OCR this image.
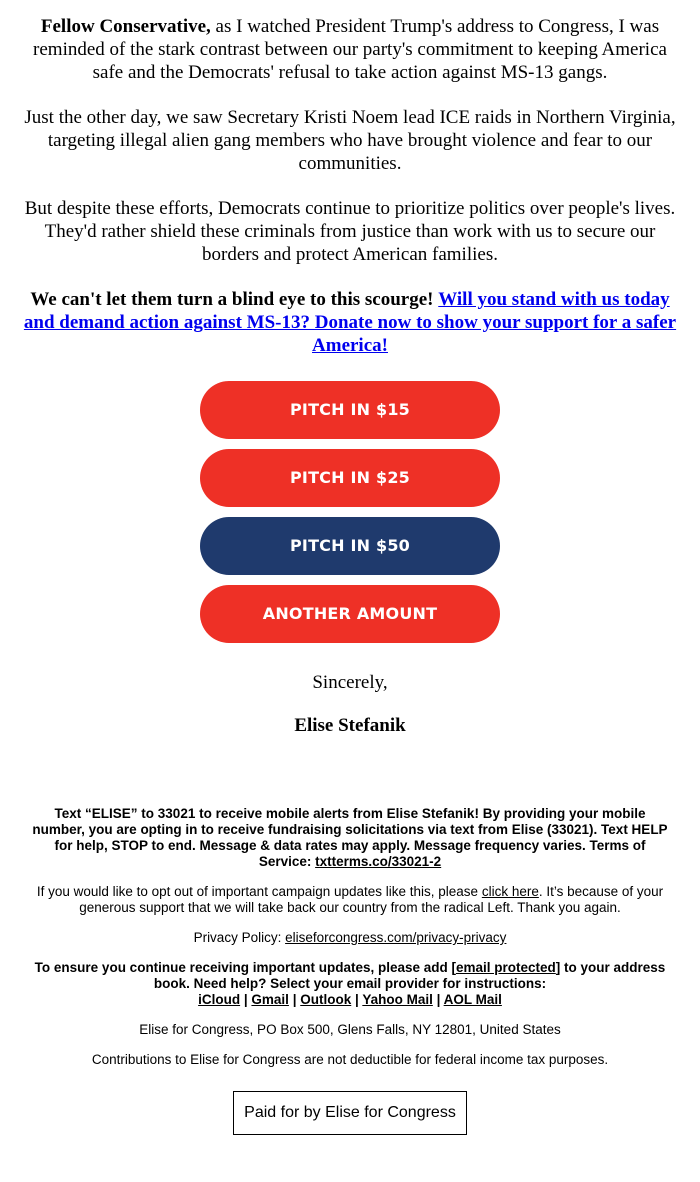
Fellow Conservative, as I watched President Trump's address to Congress, I was reminded of the stark contrast between our party's commitment to keeping America safe and the Democrats' refusal to take action against MS-13 gangs.

Just the other day, we saw Secretary Kristi Noem lead ICE raids in Northern Virginia, targeting illegal alien gang members who have brought violence and fear to our communities.

But despite these efforts, Democrats continue to prioritize politics over people's lives. They'd rather shield these criminals from justice than work with us to secure our borders and protect American families.

We can't let them turn a blind eye to this scourge! Will you stand with us today and demand action against MS-13? Donate now to show your support for a safer America!

PITCH IN $15
PITCH IN $25
PITCH IN $50
ANOTHER AMOUNT
Sincerely,
Elise Stefanik

Text “ELISE” to 33021 to receive mobile alerts from Elise Stefanik! By providing your mobile number, you are opting in to receive fundraising solicitations via text from Elise (33021). Text HELP for help, STOP to end. Message & data rates may apply. Message frequency varies. Terms of Service: txtterms.co/33021-2

If you would like to opt out of important campaign updates like this, please click here. It’s because of your generous support that we will take back our country from the radical Left. Thank you again.

Privacy Policy: eliseforcongress.com/privacy-privacy

To ensure you continue receiving important updates, please add [email protected] to your address book. Need help? Select your email provider for instructions:
iCloud | Gmail | Outlook | Yahoo Mail | AOL Mail

Elise for Congress, PO Box 500, Glens Falls, NY 12801, United States

Contributions to Elise for Congress are not deductible for federal income tax purposes.

Paid for by Elise for Congress
